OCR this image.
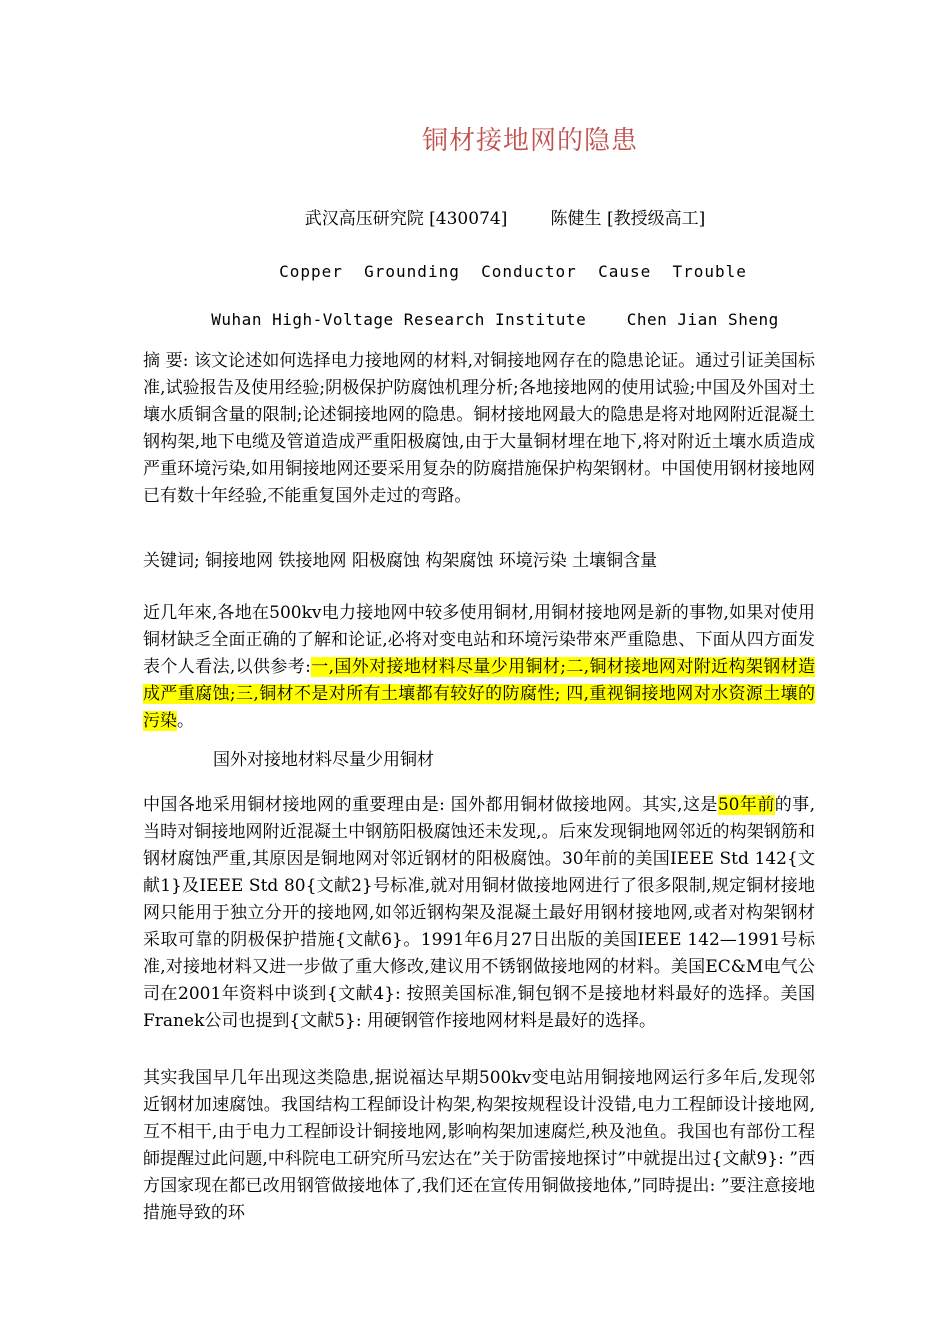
铜材接地网的隐患
武汉高压研究院 [430074]        陈健生 [教授级高工]
Copper  Grounding  Conductor  Cause  Trouble
Wuhan High-Voltage Research Institute    Chen Jian Sheng

摘 要: 该文论述如何选择电力接地网的材料,对铜接地网存在的隐患论证。通过引证美国标准,试验报告及使用经验;阴极保护防腐蚀机理分析;各地接地网的使用试验;中国及外国对土壤水质铜含量的限制;论述铜接地网的隐患。铜材接地网最大的隐患是将对地网附近混凝土钢构架,地下电缆及管道造成严重阳极腐蚀,由于大量铜材埋在地下,将对附近土壤水质造成严重环境污染,如用铜接地网还要采用复杂的防腐措施保护构架钢材。中国使用钢材接地网已有数十年经验,不能重复国外走过的弯路。

关键词; 铜接地网 铁接地网 阳极腐蚀 构架腐蚀 环境污染 土壤铜含量

近几年來,各地在500kv电力接地网中较多使用铜材,用铜材接地网是新的事物,如果对使用铜材缺乏全面正确的了解和论证,必将对变电站和环境污染带來严重隐患、下面从四方面发表个人看法,以供参考:一,国外对接地材料尽量少用铜材;二,铜材接地网对附近构架钢材造成严重腐蚀;三,铜材不是对所有土壤都有较好的防腐性; 四,重视铜接地网对水资源土壤的污染。

国外对接地材料尽量少用铜材

中国各地采用铜材接地网的重要理由是: 国外都用铜材做接地网。其实,这是50年前的事,当時对铜接地网附近混凝土中钢筋阳极腐蚀还未发现,。后來发现铜地网邻近的构架钢筋和钢材腐蚀严重,其原因是铜地网对邻近钢材的阳极腐蚀。30年前的美国IEEE Std 142{文献1}及IEEE Std 80{文献2}号标准,就对用铜材做接地网进行了很多限制,规定铜材接地网只能用于独立分开的接地网,如邻近钢构架及混凝土最好用钢材接地网,或者对构架钢材采取可靠的阴极保护措施{文献6}。1991年6月27日出版的美国IEEE 142—1991号标准,对接地材料又进一步做了重大修改,建议用不锈钢做接地网的材料。美国EC&M电气公司在2001年资料中谈到{文献4}: 按照美国标准,铜包钢不是接地材料最好的选择。美国Franek公司也提到{文献5}: 用硬钢管作接地网材料是最好的选择。

其实我国早几年出现这类隐患,据说福达早期500kv变电站用铜接地网运行多年后,发现邻近钢材加速腐蚀。我国结构工程師设计构架,构架按规程设计没错,电力工程師设计接地网,互不相干,由于电力工程師设计铜接地网,影响构架加速腐烂,秧及池鱼。我国也有部份工程師提醒过此问题,中科院电工研究所马宏达在”关于防雷接地探讨”中就提出过{文献9}: ”西方国家现在都已改用钢管做接地体了,我们还在宣传用铜做接地体,”同時提出: ”要注意接地措施导致的环
